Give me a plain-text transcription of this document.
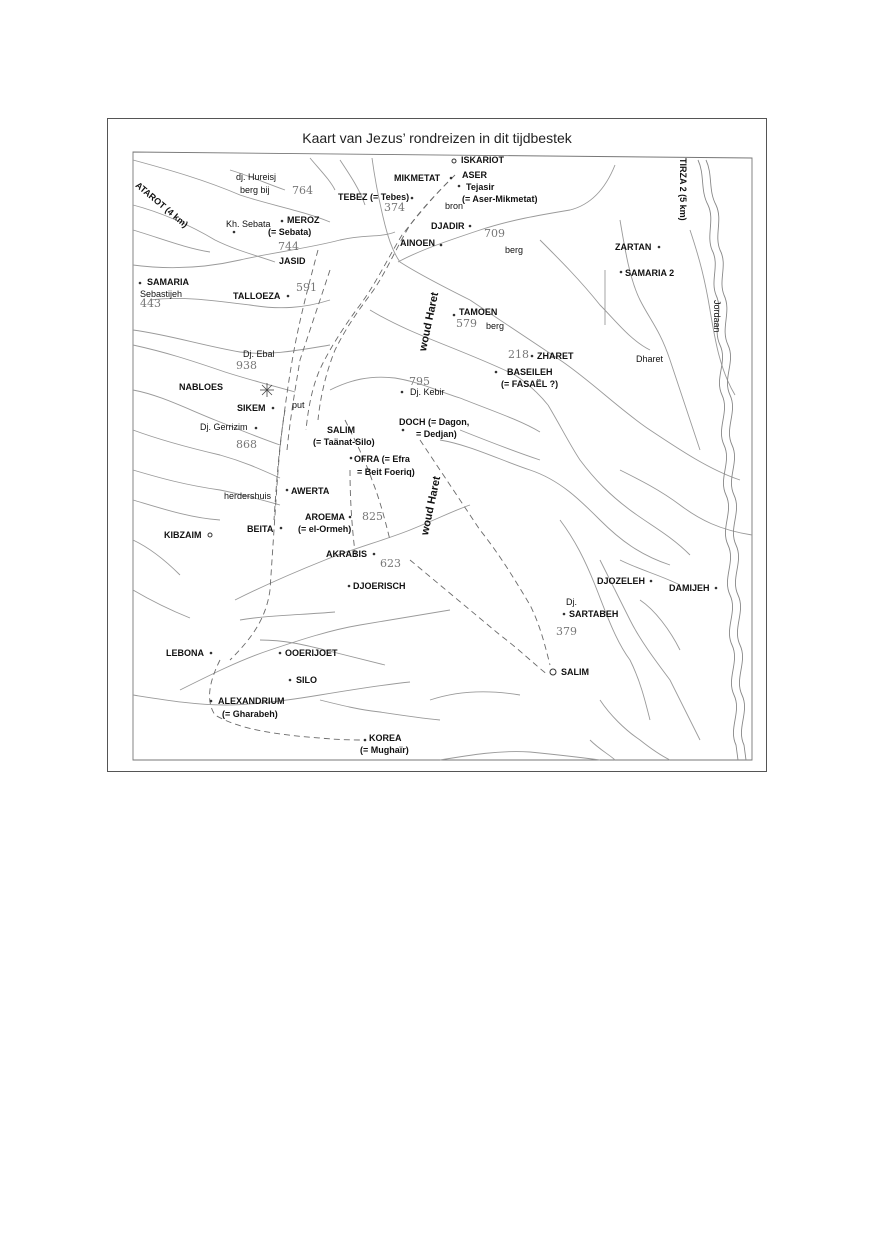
Kaart van Jezus’ rondreizen in dit tijdbestek
ISKARIOT
MIKMETAT ASER
Tejasir
(= Aser-Mikmetat)
TEBEZ (= Tebes)
bron
DJADIR
AINOEN
berg	ZARTAN
SAMARIA 2
Jordaan
TIRZA 2 (5 km)
ATAROT (4 km)
dj. Hureisj
berg bij
Kh. Sebata MEROZ
(= Sebata)
JASID
SAMARIA
Sebastijeh	TALLOEZA
TAMOEN
berg
woud Haret
ZHARET	Dharet
BASEILEH
(= FASAËL ?)
Dj. Ebal
NABLOES
SIKEM	put
Dj. Kebir
Dj. Gerrizim	SALIM
(= Taänat-Silo)
DOCH (= Dagon,
= Dedjan)
OFRA (= Efra
= Beit Foeriq)
woud Haret
AWERTA
herdershuis
AROEMA
(= el-Ormeh)
KIBZAIM
BEITA
AKRABIS
DJOERISCH	DJOZELEH
DAMIJEH
Dj.
SARTABEH
LEBONA	OOERIJOET
SILO
SALIM
ALEXANDRIUM
(= Gharabeh)
KOREA
(= Mughaïr)
764
374
709
744
591
443
579
218
938
795
868
825
623
379
